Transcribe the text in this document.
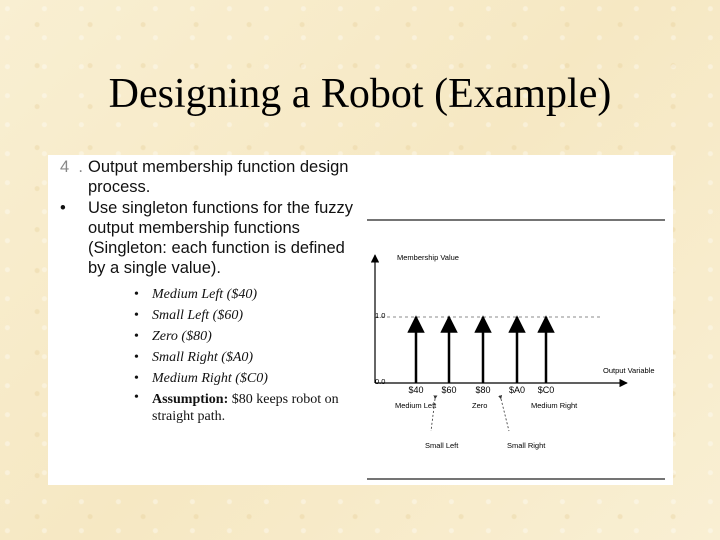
Designing a Robot (Example)
4 . Output membership function design process.
• Use singleton functions for the fuzzy output membership functions (Singleton: each function is defined by a single value).
• Medium Left ($40)
• Small Left ($60)
• Zero ($80)
• Small Right ($A0)
• Medium Right ($C0)
• Assumption: $80 keeps robot on straight path.
Membership Value
Output Variable
1.0
0.0
$40 $60 $80 $A0 $C0
Medium Left	Zero	Medium Right
Small Left	Small Right
